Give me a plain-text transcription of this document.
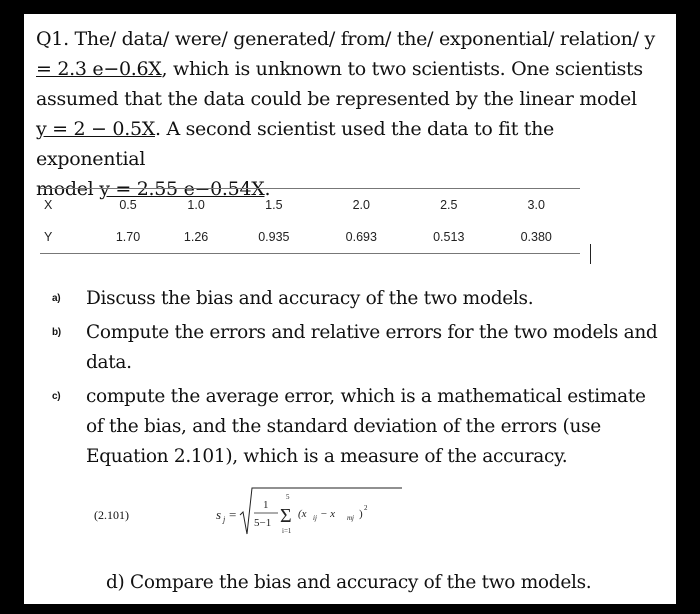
Q1. The/ data/ were/ generated/ from/ the/ exponential/ relation/ y
= 2.3 e−0.6X, which is unknown to two scientists. One scientists
assumed that the data could be represented by the linear model
y = 2 − 0.5X. A second scientist used the data to fit the exponential
model y = 2.55 e−0.54X.
X	0.5	1.0	1.5	2.0	2.5	3.0
Y	1.70	1.26	0.935	0.693	0.513	0.380
a) Discuss the bias and accuracy of the two models.
b) Compute the errors and relative errors for the two models and data.
c) compute the average error, which is a mathematical estimate of the bias, and the standard deviation of the errors (use Equation 2.101), which is a measure of the accuracy.
(2.101)	s j =
1
5−1
5
Σ
i=1
(x ij − x mj ) 2
d) Compare the bias and accuracy of the two models.
